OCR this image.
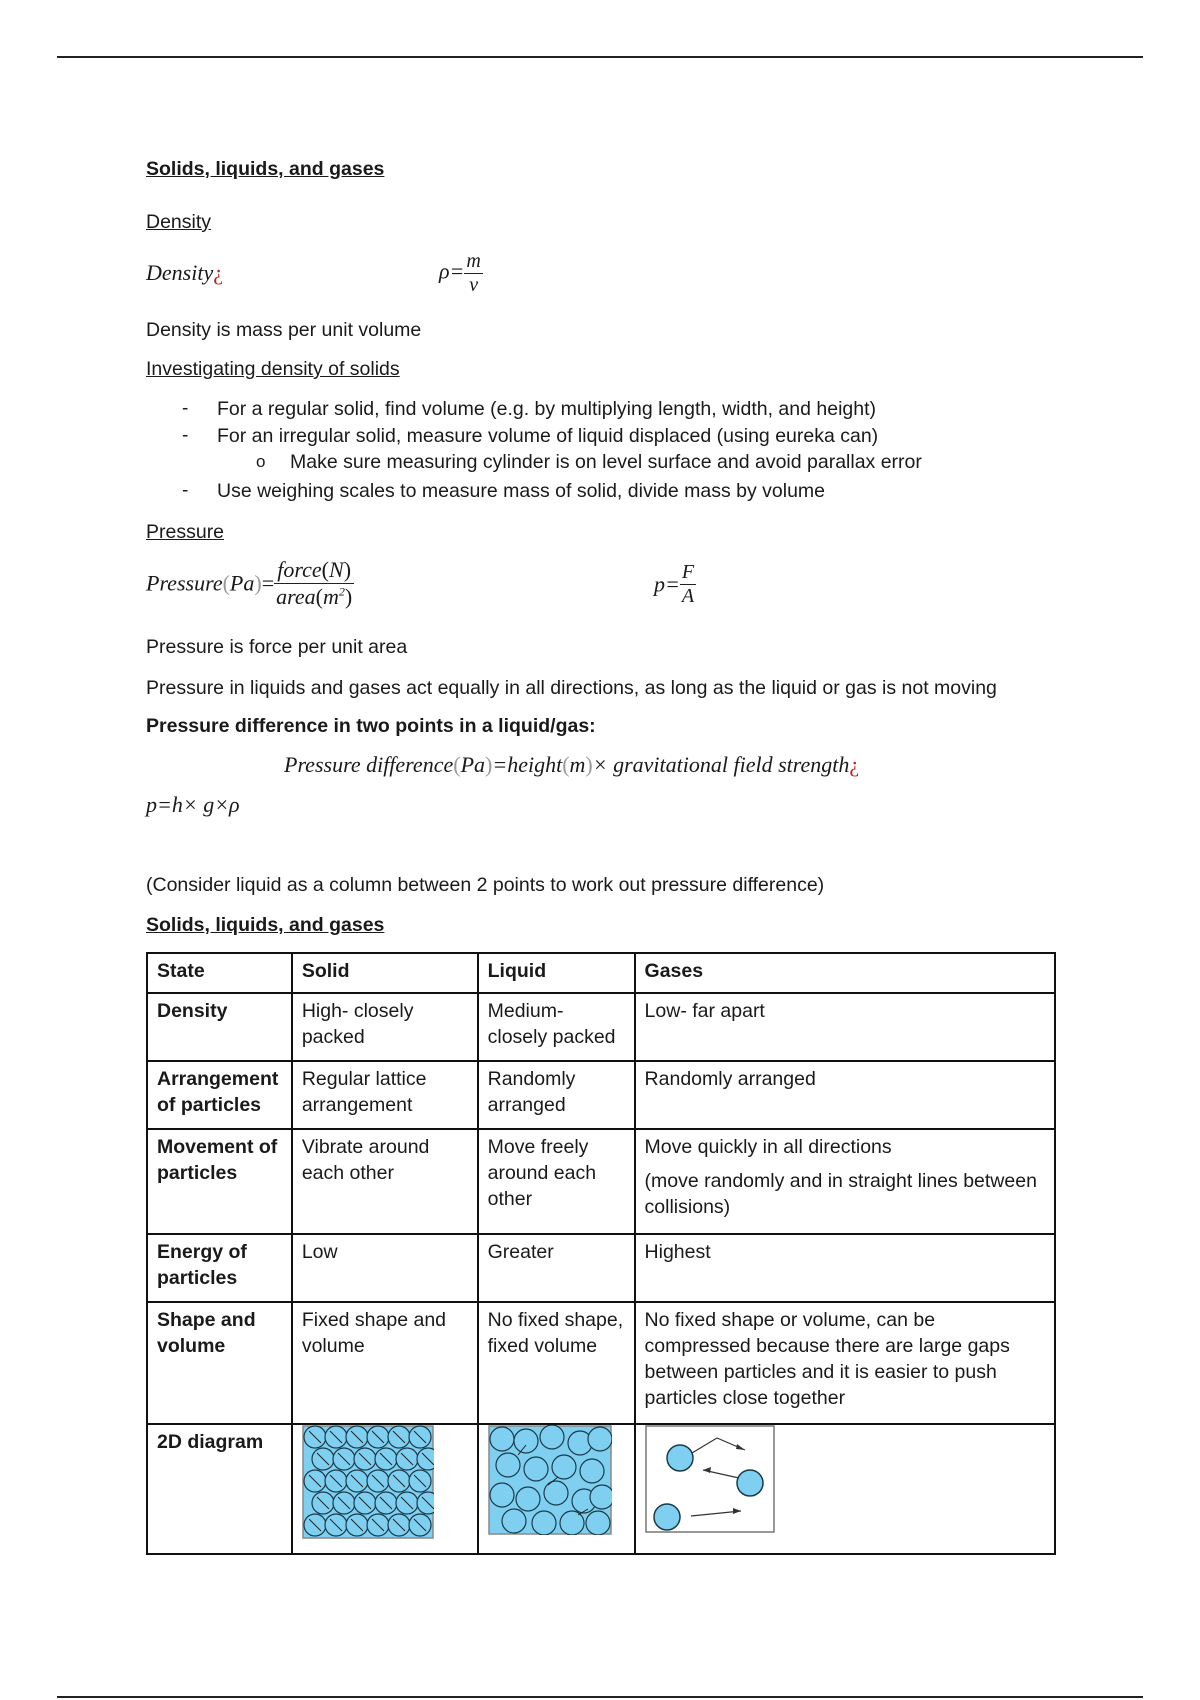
Solids, liquids, and gases
Density
Density¿	$\rho= \frac{m}{v}$
Density is mass per unit volume
Investigating density of solids
- For a regular solid, find volume (e.g. by multiplying length, width, and height)
- For an irregular solid, measure volume of liquid displaced (using eureka can)
o Make sure measuring cylinder is on level surface and avoid parallax error
- Use weighing scales to measure mass of solid, divide mass by volume
Pressure
Pressure(Pa)= $\frac{\text{force(N)}}{area(m^2)}$	$p= \frac{F}{A}$
Pressure is force per unit area
Pressure in liquids and gases act equally in all directions, as long as the liquid or gas is not moving
Pressure difference in two points in a liquid/gas:
Pressure difference(Pa)=height(m)× gravitational field strength¿
p=h× g×ρ
(Consider liquid as a column between 2 points to work out pressure difference)
Solids, liquids, and gases
State	Solid	Liquid	Gases
Density	High- closely packed	Medium- closely packed	Low- far apart

Arrangement of particles	Regular lattice arrangement	Randomly arranged	Randomly arranged

Movement of particles	Vibrate around each other	Move freely around each other	Move quickly in all directions

(move randomly and in straight lines between collisions)

Energy of particles	Low	Greater	Highest

Shape and volume	Fixed shape and volume	No fixed shape, fixed volume	No fixed shape or volume, can be compressed because there are large gaps between particles and it is easier to push particles close together

2D diagram	
